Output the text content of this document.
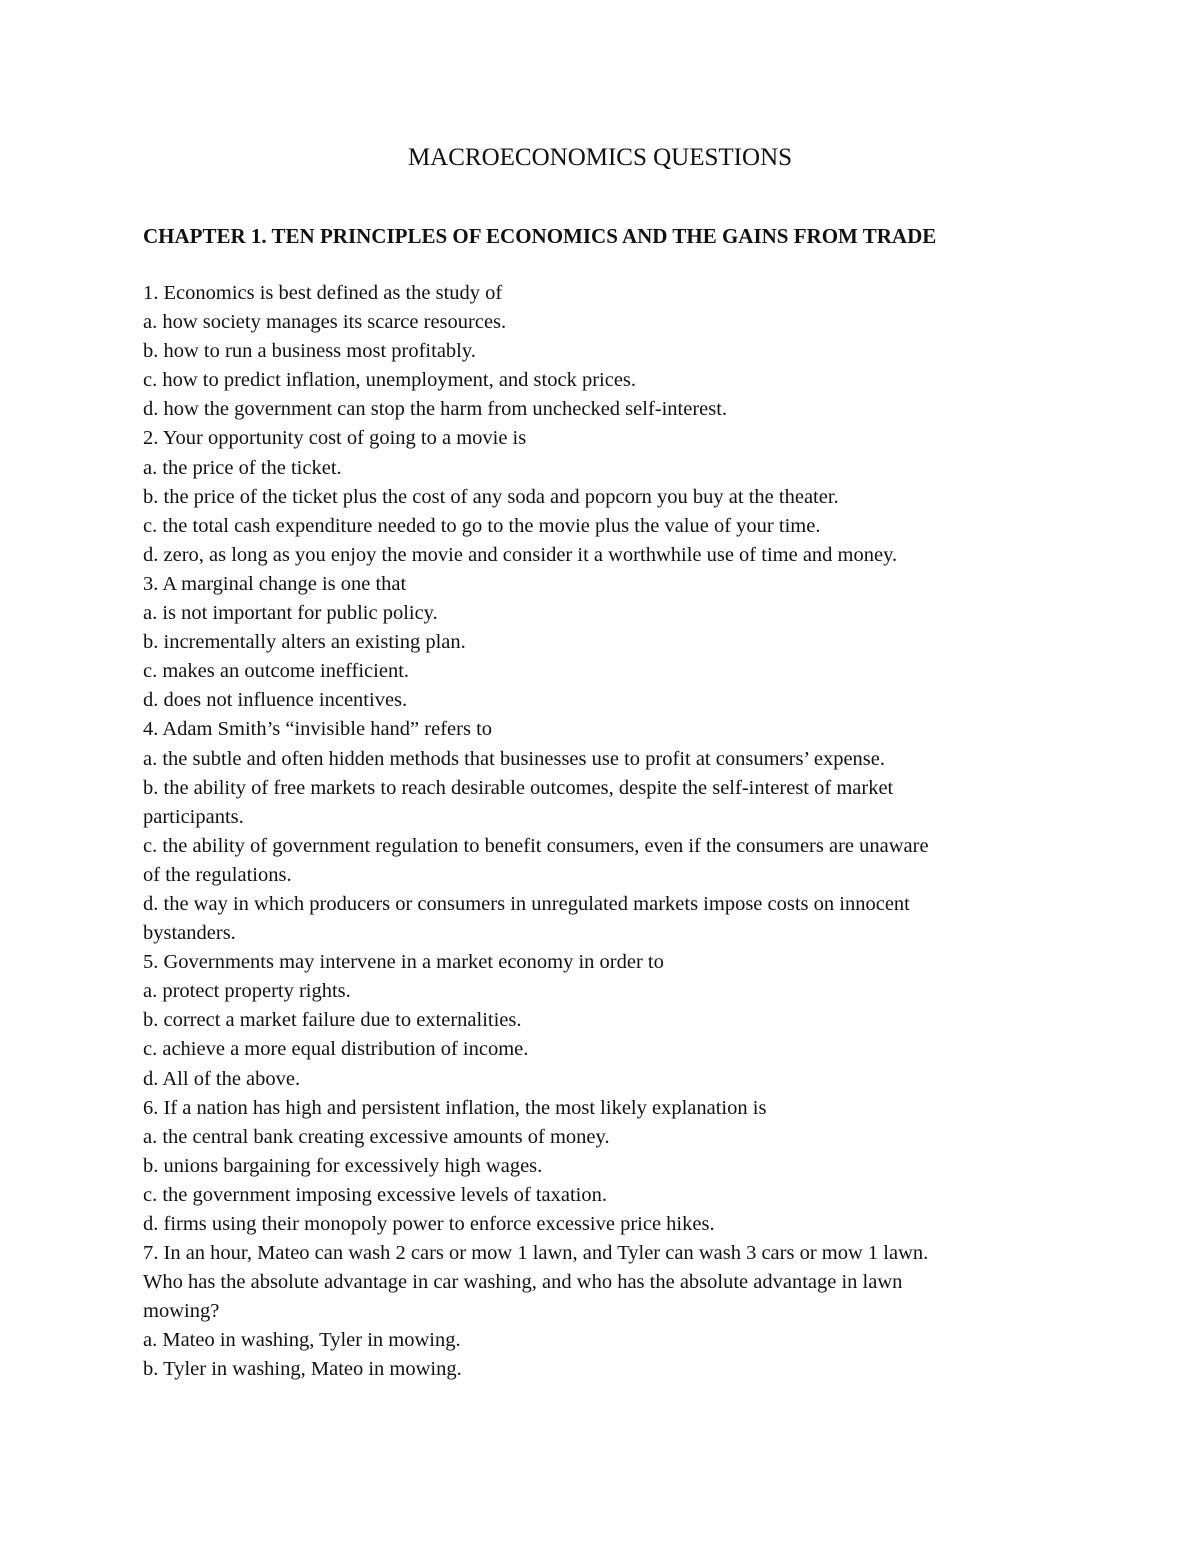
MACROECONOMICS QUESTIONS
CHAPTER 1. TEN PRINCIPLES OF ECONOMICS AND THE GAINS FROM TRADE
1. Economics is best defined as the study of
a. how society manages its scarce resources.
b. how to run a business most profitably.
c. how to predict inflation, unemployment, and stock prices.
d. how the government can stop the harm from unchecked self-interest.
2. Your opportunity cost of going to a movie is
a. the price of the ticket.
b. the price of the ticket plus the cost of any soda and popcorn you buy at the theater.
c. the total cash expenditure needed to go to the movie plus the value of your time.
d. zero, as long as you enjoy the movie and consider it a worthwhile use of time and money.
3. A marginal change is one that
a. is not important for public policy.
b. incrementally alters an existing plan.
c. makes an outcome inefficient.
d. does not influence incentives.
4. Adam Smith’s “invisible hand” refers to
a. the subtle and often hidden methods that businesses use to profit at consumers’ expense.
b. the ability of free markets to reach desirable outcomes, despite the self-interest of market
participants.
c. the ability of government regulation to benefit consumers, even if the consumers are unaware
of the regulations.
d. the way in which producers or consumers in unregulated markets impose costs on innocent
bystanders.
5. Governments may intervene in a market economy in order to
a. protect property rights.
b. correct a market failure due to externalities.
c. achieve a more equal distribution of income.
d. All of the above.
6. If a nation has high and persistent inflation, the most likely explanation is
a. the central bank creating excessive amounts of money.
b. unions bargaining for excessively high wages.
c. the government imposing excessive levels of taxation.
d. firms using their monopoly power to enforce excessive price hikes.
7. In an hour, Mateo can wash 2 cars or mow 1 lawn, and Tyler can wash 3 cars or mow 1 lawn.
Who has the absolute advantage in car washing, and who has the absolute advantage in lawn
mowing?
a. Mateo in washing, Tyler in mowing.
b. Tyler in washing, Mateo in mowing.
